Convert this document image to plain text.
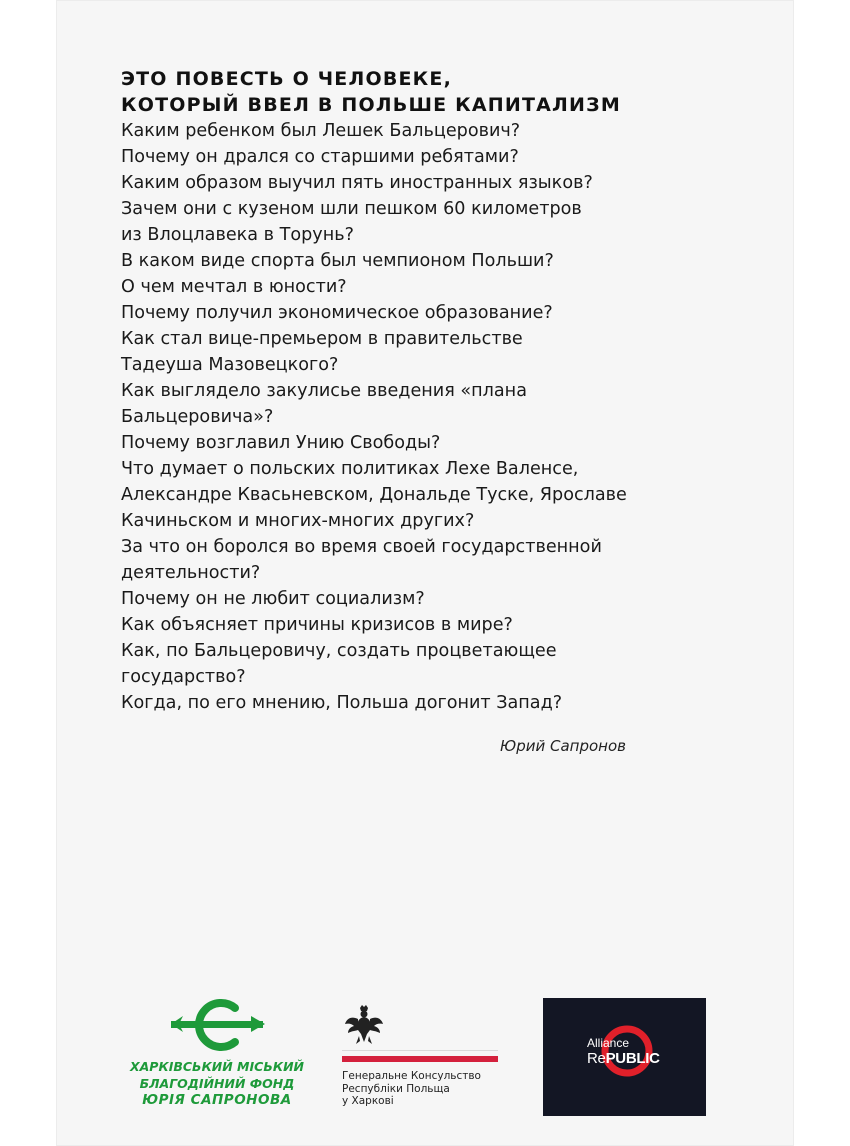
ЭТО ПОВЕСТЬ О ЧЕЛОВЕКЕ,
КОТОРЫЙ ВВЕЛ В ПОЛЬШЕ КАПИТАЛИЗМ
Каким ребенком был Лешек Бальцерович?
Почему он дрался со старшими ребятами?
Каким образом выучил пять иностранных языков?
Зачем они с кузеном шли пешком 60 километров
из Влоцлавека в Торунь?
В каком виде спорта был чемпионом Польши?
О чем мечтал в юности?
Почему получил экономическое образование?
Как стал вице-премьером в правительстве
Тадеуша Мазовецкого?
Как выглядело закулисье введения «плана
Бальцеровича»?
Почему возглавил Унию Свободы?
Что думает о польских политиках Лехе Валенсе,
Александре Квасьневском, Дональде Туске, Ярославе
Качиньском и многих-многих других?
За что он боролся во время своей государственной
деятельности?
Почему он не любит социализм?
Как объясняет причины кризисов в мире?
Как, по Бальцеровичу, создать процветающее
государство?
Когда, по его мнению, Польша догонит Запад?
Юрий Сапронов
ХАРКІВСЬКИЙ МІСЬКИЙ
БЛАГОДІЙНИЙ ФОНД
ЮРІЯ САПРОНОВА
Генеральне Консульство
Республіки Польща
у Харкові
Alliance
RePUBLIC
